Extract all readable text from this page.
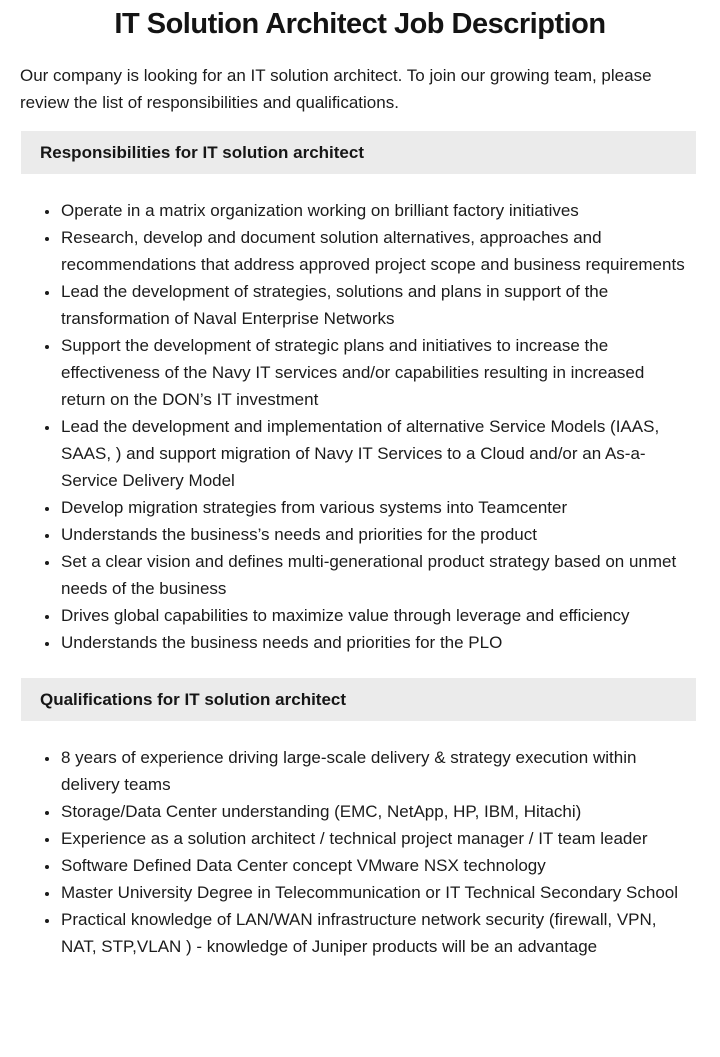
IT Solution Architect Job Description

Our company is looking for an IT solution architect. To join our growing team, please review the list of responsibilities and qualifications.

Responsibilities for IT solution architect
• Operate in a matrix organization working on brilliant factory initiatives
• Research, develop and document solution alternatives, approaches and recommendations that address approved project scope and business requirements
• Lead the development of strategies, solutions and plans in support of the transformation of Naval Enterprise Networks
• Support the development of strategic plans and initiatives to increase the effectiveness of the Navy IT services and/or capabilities resulting in increased return on the DON’s IT investment
• Lead the development and implementation of alternative Service Models (IAAS, SAAS, ) and support migration of Navy IT Services to a Cloud and/or an As-a-Service Delivery Model
• Develop migration strategies from various systems into Teamcenter
• Understands the business’s needs and priorities for the product
• Set a clear vision and defines multi-generational product strategy based on unmet needs of the business
• Drives global capabilities to maximize value through leverage and efficiency
• Understands the business needs and priorities for the PLO
Qualifications for IT solution architect
• 8 years of experience driving large-scale delivery & strategy execution within delivery teams
• Storage/Data Center understanding (EMC, NetApp, HP, IBM, Hitachi)
• Experience as a solution architect / technical project manager / IT team leader
• Software Defined Data Center concept VMware NSX technology
• Master University Degree in Telecommunication or IT Technical Secondary School
• Practical knowledge of LAN/WAN infrastructure network security (firewall, VPN, NAT, STP,VLAN ) - knowledge of Juniper products will be an advantage
